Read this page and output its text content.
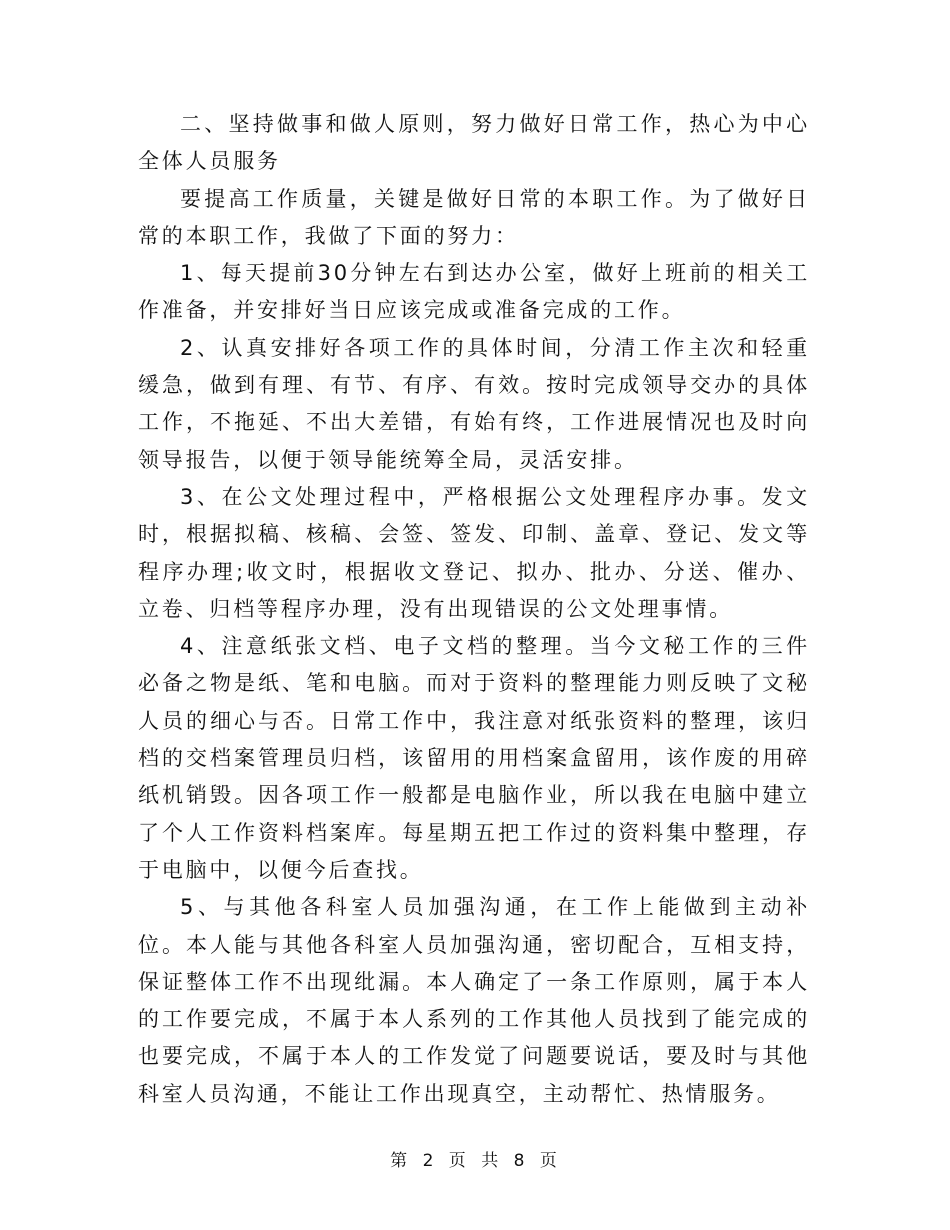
二、坚持做事和做人原则，努力做好日常工作，热心为中心全体人员服务

要提高工作质量，关键是做好日常的本职工作。为了做好日常的本职工作，我做了下面的努力：

1、每天提前30分钟左右到达办公室，做好上班前的相关工作准备，并安排好当日应该完成或准备完成的工作。

2、认真安排好各项工作的具体时间，分清工作主次和轻重缓急，做到有理、有节、有序、有效。按时完成领导交办的具体工作，不拖延、不出大差错，有始有终，工作进展情况也及时向领导报告，以便于领导能统筹全局，灵活安排。

3、在公文处理过程中，严格根据公文处理程序办事。发文时，根据拟稿、核稿、会签、签发、印制、盖章、登记、发文等程序办理;收文时，根据收文登记、拟办、批办、分送、催办、立卷、归档等程序办理，没有出现错误的公文处理事情。

4、注意纸张文档、电子文档的整理。当今文秘工作的三件必备之物是纸、笔和电脑。而对于资料的整理能力则反映了文秘人员的细心与否。日常工作中，我注意对纸张资料的整理，该归档的交档案管理员归档，该留用的用档案盒留用，该作废的用碎纸机销毁。因各项工作一般都是电脑作业，所以我在电脑中建立了个人工作资料档案库。每星期五把工作过的资料集中整理，存于电脑中，以便今后查找。

5、与其他各科室人员加强沟通，在工作上能做到主动补位。本人能与其他各科室人员加强沟通，密切配合，互相支持，保证整体工作不出现纰漏。本人确定了一条工作原则，属于本人的工作要完成，不属于本人系列的工作其他人员找到了能完成的也要完成，不属于本人的工作发觉了问题要说话，要及时与其他科室人员沟通，不能让工作出现真空，主动帮忙、热情服务。

第 2 页 共 8 页
